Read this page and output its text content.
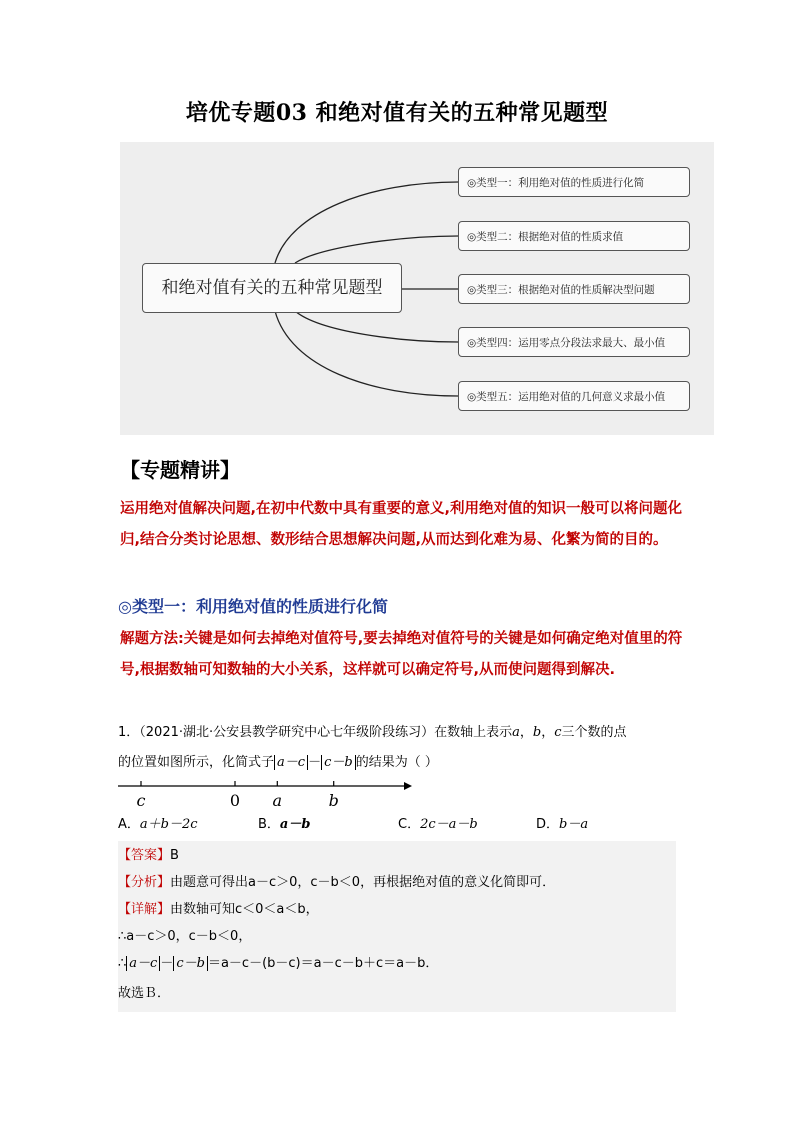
培优专题03 和绝对值有关的五种常见题型
和绝对值有关的五种常见题型
◎类型一：利用绝对值的性质进行化简
◎类型二：根据绝对值的性质求值
◎类型三：根据绝对值的性质解决型问题
◎类型四：运用零点分段法求最大、最小值
◎类型五：运用绝对值的几何意义求最小值
【专题精讲】
运用绝对值解决问题,在初中代数中具有重要的意义,利用绝对值的知识一般可以将问题化归,结合分类讨论思想、数形结合思想解决问题,从而达到化难为易、化繁为简的目的。
◎类型一：利用绝对值的性质进行化简
解题方法:关键是如何去掉绝对值符号,要去掉绝对值符号的关键是如何确定绝对值里的符号,根据数轴可知数轴的大小关系，这样就可以确定符号,从而使问题得到解决.
1．（2021·湖北·公安县教学研究中心七年级阶段练习）在数轴上表示a，b，c三个数的点
的位置如图所示，化简式子 a－c － c－b 的结果为（ ）
c	0 a	b
A．a＋b－2c	B．a－b	C．2c－a－b	D．b－a
【答案】B
【分析】由题意可得出a－c＞0，c－b＜0，再根据绝对值的意义化简即可．
【详解】由数轴可知c＜0＜a＜b，
∴a－c＞0，c－b＜0，
∴ a－c － c－b ＝a－c－(b－c)＝a－c－b＋c＝a－b．
故选Ｂ．
